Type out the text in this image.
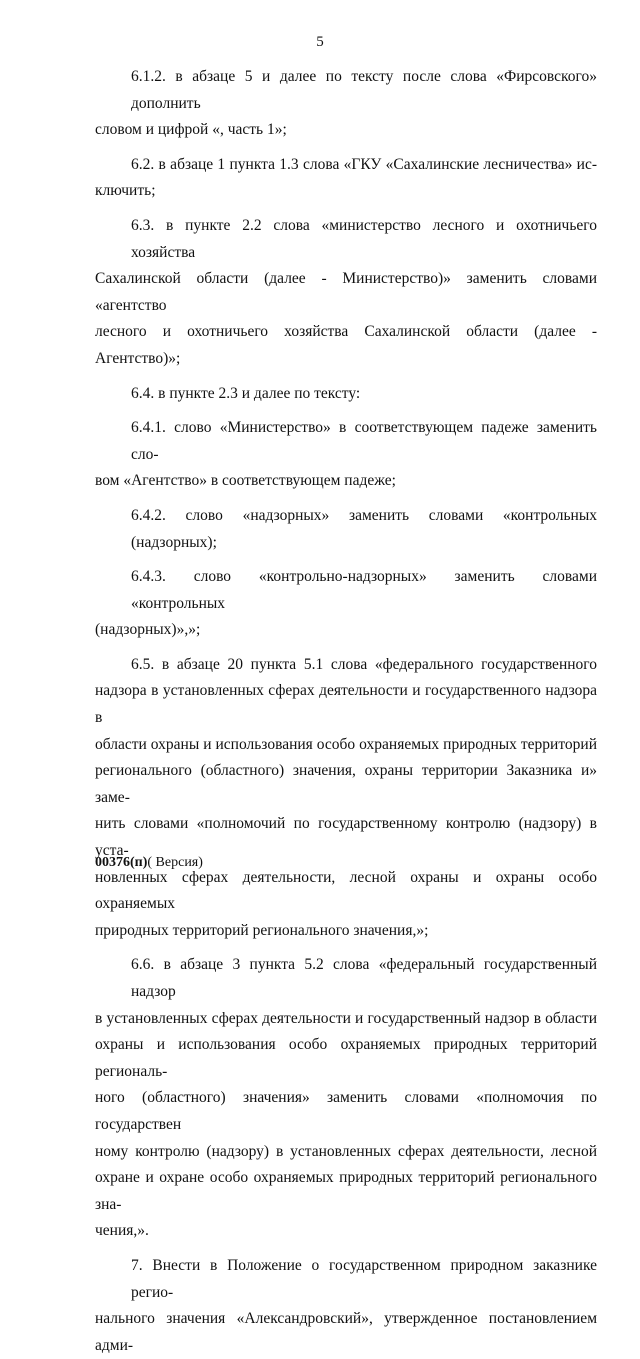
5

6.1.2. в абзаце 5 и далее по тексту после слова «Фирсовского» дополнить
словом и цифрой «, часть 1»;

6.2. в абзаце 1 пункта 1.3 слова «ГКУ «Сахалинские лесничества» ис-
ключить;

6.3. в пункте 2.2 слова «министерство лесного и охотничьего хозяйства
Сахалинской области (далее - Министерство)» заменить словами «агентство
лесного и охотничьего хозяйства Сахалинской области (далее - Агентство)»;

6.4. в пункте 2.3 и далее по тексту:

6.4.1. слово «Министерство» в соответствующем падеже заменить сло-
вом «Агентство» в соответствующем падеже;

6.4.2. слово «надзорных» заменить словами «контрольных (надзорных);

6.4.3. слово «контрольно-надзорных» заменить словами «контрольных
(надзорных)»,»;

6.5. в абзаце 20 пункта 5.1 слова «федерального государственного
надзора в установленных сферах деятельности и государственного надзора в
области охраны и использования особо охраняемых природных территорий
регионального (областного) значения, охраны территории Заказника и» заме-
нить словами «полномочий по государственному контролю (надзору) в уста-
новленных сферах деятельности, лесной охраны и охраны особо охраняемых
природных территорий регионального значения,»;

6.6. в абзаце 3 пункта 5.2 слова «федеральный государственный надзор
в установленных сферах деятельности и государственный надзор в области
охраны и использования особо охраняемых природных территорий региональ-
ного (областного) значения» заменить словами «полномочия по государствен
ному контролю (надзору) в установленных сферах деятельности, лесной
охране и охране особо охраняемых природных территорий регионального зна-
чения,».

7. Внести в Положение о государственном природном заказнике регио-
нального значения «Александровский», утвержденное постановлением адми-

00376(п)( Версия)
